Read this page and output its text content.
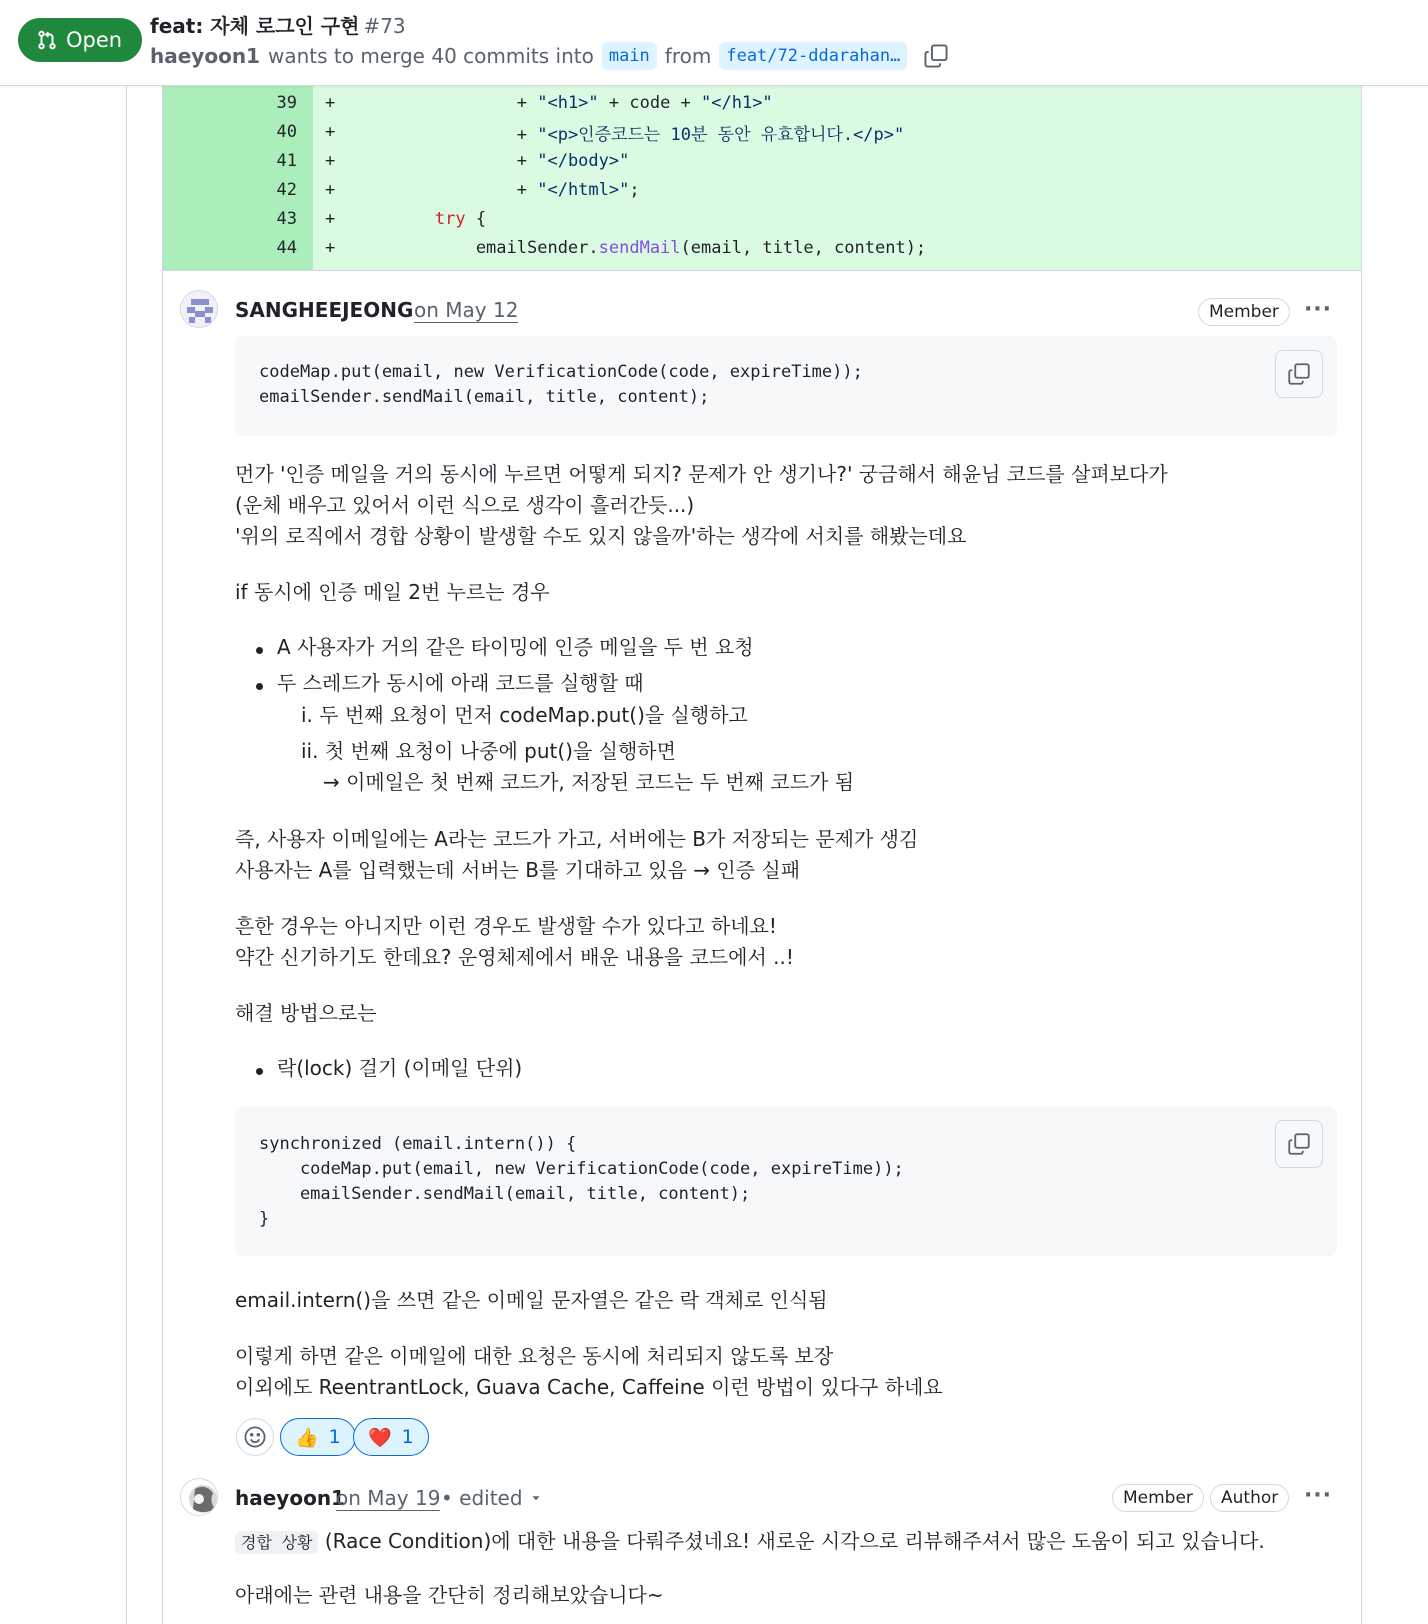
Open
feat: 자체 로그인 구현 #73
haeyoon1 wants to merge 40 commits into main from feat/72-ddarahan…
39 + + "<h1>" + code + "</h1>"
40 + + "<p>인증코드는 10분 동안 유효합니다.</p>"
41 + + "</body>"
42 + + "</html>";
43 +	try {
44 + emailSender.sendMail(email, title, content);
SANGHEEJEONG on May 12	Member	···
codeMap.put(email, new VerificationCode(code, expireTime));
emailSender.sendMail(email, title, content);
먼가 '인증 메일을 거의 동시에 누르면 어떻게 되지? 문제가 안 생기나?' 궁금해서 해윤님 코드를 살펴보다가
(운체 배우고 있어서 이런 식으로 생각이 흘러간듯...)
'위의 로직에서 경합 상황이 발생할 수도 있지 않을까'하는 생각에 서치를 해봤는데요
if 동시에 인증 메일 2번 누르는 경우
A 사용자가 거의 같은 타이밍에 인증 메일을 두 번 요청
두 스레드가 동시에 아래 코드를 실행할 때
i. 두 번째 요청이 먼저 codeMap.put()을 실행하고
ii. 첫 번째 요청이 나중에 put()을 실행하면
→ 이메일은 첫 번째 코드가, 저장된 코드는 두 번째 코드가 됨
즉, 사용자 이메일에는 A라는 코드가 가고, 서버에는 B가 저장되는 문제가 생김
사용자는 A를 입력했는데 서버는 B를 기대하고 있음 → 인증 실패
흔한 경우는 아니지만 이런 경우도 발생할 수가 있다고 하네요!
약간 신기하기도 한데요? 운영체제에서 배운 내용을 코드에서 ..!
해결 방법으로는
락(lock) 걸기 (이메일 단위)
synchronized (email.intern()) {
codeMap.put(email, new VerificationCode(code, expireTime));
emailSender.sendMail(email, title, content);
}
email.intern()을 쓰면 같은 이메일 문자열은 같은 락 객체로 인식됨
이렇게 하면 같은 이메일에 대한 요청은 동시에 처리되지 않도록 보장
이외에도 ReentrantLock, Guava Cache, Caffeine 이런 방법이 있다구 하네요
👍 1 ❤️ 1
haeyoon1
on May 19 • edited	Member	Author	···
경합 상황 (Race Condition)에 대한 내용을 다뤄주셨네요! 새로운 시각으로 리뷰해주셔서 많은 도움이 되고 있습니다.
아래에는 관련 내용을 간단히 정리해보았습니다~
